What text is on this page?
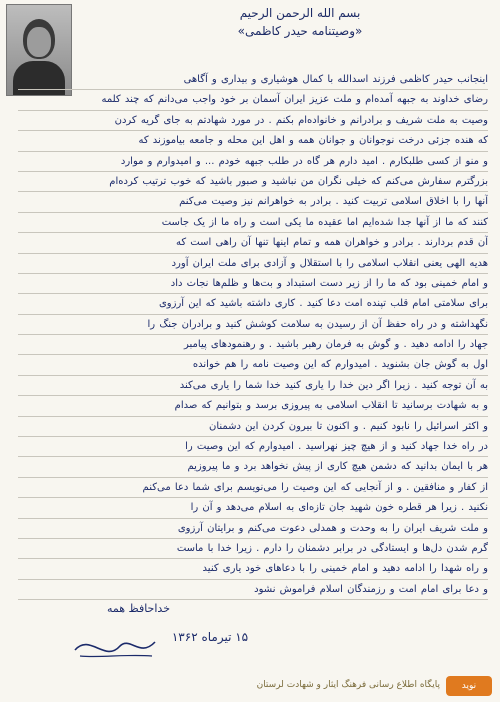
بسم الله الرحمن الرحیم
«وصیتنامه حیدر کاظمی»
اینجانب حیدر کاظمی فرزند اسدالله با کمال هوشیاری و بیداری و آگاهی
رضای خداوند به جبهه آمده‌ام و ملت عزیز ایران آسمان بر خود واجب می‌دانم که چند کلمه
وصیت به ملت شریف و برادرانم و خانواده‌ام بکنم . در مورد شهادتم به جای گریه کردن
که هنده جزئی درخت نوجوانان و جوانان همه و اهل این محله و جامعه بیاموزند که
و منو از کسی طلبکارم . امید دارم هر گاه در طلب جبهه خودم ... و امیدوارم و موارد
بزرگترم سفارش می‌کنم که خیلی نگران من نباشید و صبور باشید که خوب ترتیب کرده‌ام
آنها را با اخلاق اسلامی تربیت کنید . برادر به خواهرانم نیز وصیت می‌کنم
کنند که ما از آنها جدا شده‌ایم اما عقیده ما یکی است و راه ما از یک جاست
آن قدم بردارند . برادر و خواهران همه و تمام اینها تنها آن راهی است که
هدیه الهی یعنی انقلاب اسلامی را با استقلال و آزادی برای ملت ایران آورد
و امام خمینی بود که ما را از زیر دست استبداد و بت‌ها و ظلم‌ها نجات داد
برای سلامتی امام قلب تپنده امت دعا کنید . کاری داشته باشید که این آرزوی
نگهداشته و در راه حفظ آن از رسیدن به سلامت کوشش کنید و برادران جنگ را
جهاد را ادامه دهید . و گوش به فرمان رهبر باشید . و رهنمودهای پیامبر
اول به گوش جان بشنوید . امیدوارم که این وصیت نامه را هم خوانده
به آن توجه کنید . زیرا اگر دین خدا را یاری کنید خدا شما را یاری می‌کند
و به شهادت برسانید تا انقلاب اسلامی به پیروزی برسد و بتوانیم که صدام
و اکثر اسرائیل را نابود کنیم . و اکنون تا بیرون کردن این دشمنان
در راه خدا جهاد کنید و از هیچ چیز نهراسید . امیدوارم که این وصیت را
هر با ایمان بدانید که دشمن هیچ کاری از پیش نخواهد برد و ما پیروزیم
از کفار و منافقین . و از آنجایی که این وصیت را می‌نویسم برای شما دعا می‌کنم
نکنید . زیرا هر قطره خون شهید جان تازه‌ای به اسلام می‌دهد و آن را
و ملت شریف ایران را به وحدت و همدلی دعوت می‌کنم و برایتان آرزوی
گرم شدن دل‌ها و ایستادگی در برابر دشمنان را دارم . زیرا خدا با ماست
و راه شهدا را ادامه دهید و امام خمینی را با دعاهای خود یاری کنید
و دعا برای امام امت و رزمندگان اسلام فراموش نشود
خداحافظ همه
۱۵ تیرماه ۱۳۶۲
نوید
پایگاه اطلاع رسانی فرهنگ ایثار و شهادت لرستان
